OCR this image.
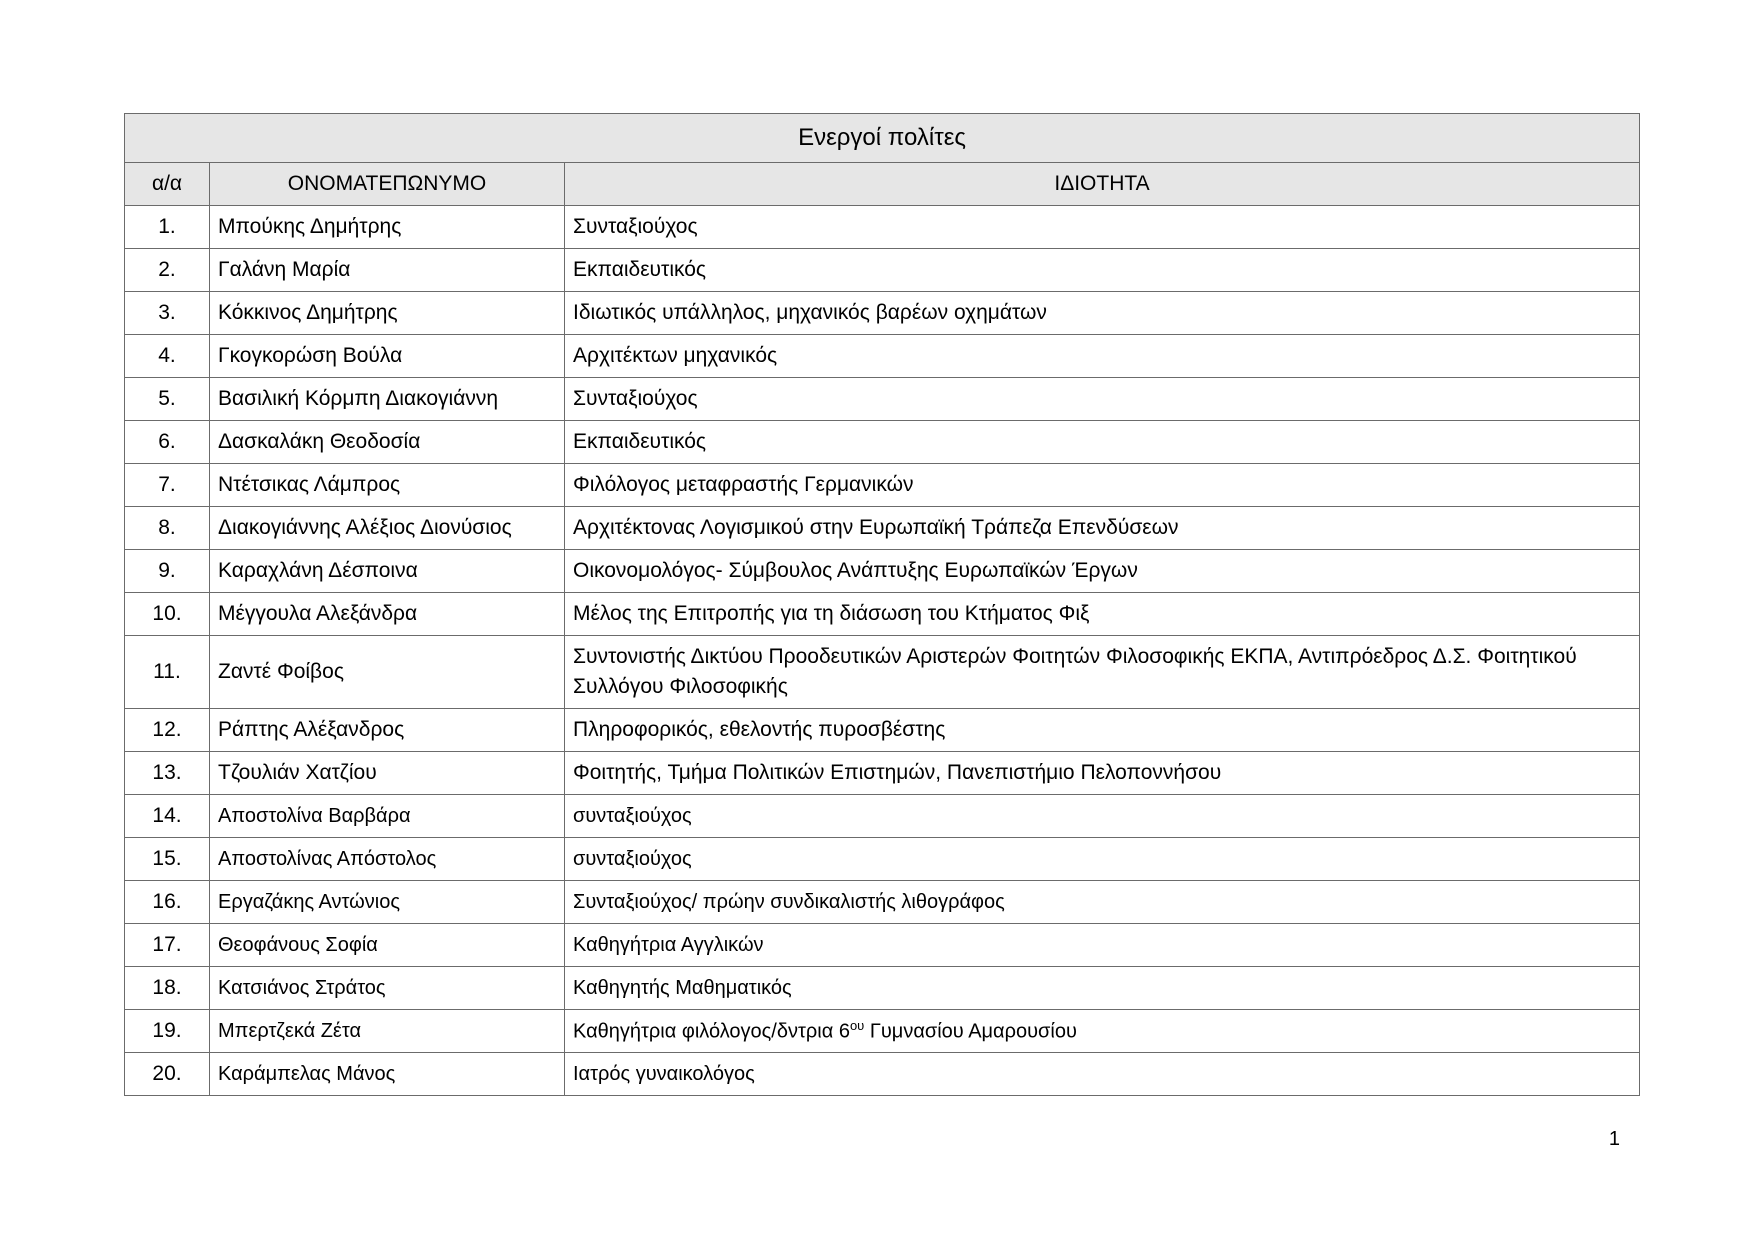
Ενεργοί πολίτες		
α/α	ΟΝΟΜΑΤΕΠΩΝΥΜΟ	ΙΔΙΟΤΗΤΑ
1.	Μπούκης Δημήτρης	Συνταξιούχος
2.	Γαλάνη Μαρία	Εκπαιδευτικός
3.	Κόκκινος Δημήτρης	Ιδιωτικός υπάλληλος, μηχανικός βαρέων οχημάτων
4.	Γκογκορώση Βούλα	Αρχιτέκτων μηχανικός
5.	Βασιλική Κόρμπη Διακογιάννη	Συνταξιούχος
6.	Δασκαλάκη Θεοδοσία	Εκπαιδευτικός
7.	Ντέτσικας Λάμπρος	Φιλόλογος μεταφραστής Γερμανικών
8.	Διακογιάννης Αλέξιος Διονύσιος	Αρχιτέκτονας Λογισμικού στην Ευρωπαϊκή Τράπεζα Επενδύσεων
9.	Καραχλάνη Δέσποινα	Οικονομολόγος- Σύμβουλος Ανάπτυξης Ευρωπαϊκών Έργων
10.	Μέγγουλα Αλεξάνδρα	Μέλος της Επιτροπής για τη διάσωση του Κτήματος Φιξ
11.	Ζαντέ Φοίβος	Συντονιστής Δικτύου Προοδευτικών Αριστερών Φοιτητών Φιλοσοφικής ΕΚΠΑ, Αντιπρόεδρος Δ.Σ. Φοιτητικού Συλλόγου Φιλοσοφικής
12.	Ράπτης Αλέξανδρος	Πληροφορικός, εθελοντής πυροσβέστης
13.	Τζουλιάν Χατζίου	Φοιτητής, Τμήμα Πολιτικών Επιστημών, Πανεπιστήμιο Πελοποννήσου
14.	Αποστολίνα Βαρβάρα	συνταξιούχος
15.	Αποστολίνας Απόστολος	συνταξιούχος
16.	Εργαζάκης Αντώνιος	Συνταξιούχος/ πρώην συνδικαλιστής λιθογράφος
17.	Θεοφάνους Σοφία	Καθηγήτρια Αγγλικών
18.	Κατσιάνος Στράτος	Καθηγητής Μαθηματικός
19.	Μπερτζεκά Ζέτα	Καθηγήτρια φιλόλογος/δντρια $6^{o\upsilon}$ Γυμνασίου Αμαρουσίου
20.	Καράμπελας Μάνος	Ιατρός γυναικολόγος
1
